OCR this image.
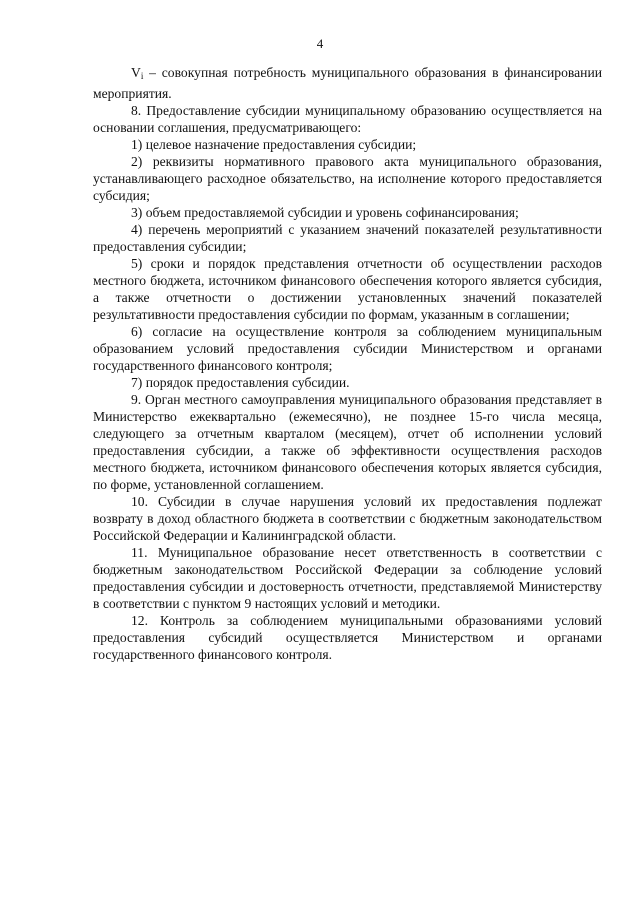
4

$V_i$ – совокупная потребность муниципального образования в финансировании мероприятия.

8. Предоставление субсидии муниципальному образованию осуществляется на основании соглашения, предусматривающего:

1) целевое назначение предоставления субсидии;

2) реквизиты нормативного правового акта муниципального образования, устанавливающего расходное обязательство, на исполнение которого предоставляется субсидия;

3) объем предоставляемой субсидии и уровень софинансирования;

4) перечень мероприятий с указанием значений показателей результативности предоставления субсидии;

5) сроки и порядок представления отчетности об осуществлении расходов местного бюджета, источником финансового обеспечения которого является субсидия, а также отчетности о достижении установленных значений показателей результативности предоставления субсидии по формам, указанным в соглашении;

6) согласие на осуществление контроля за соблюдением муниципальным образованием условий предоставления субсидии Министерством и органами государственного финансового контроля;

7) порядок предоставления субсидии.

9. Орган местного самоуправления муниципального образования представляет в Министерство ежеквартально (ежемесячно), не позднее 15-го числа месяца, следующего за отчетным кварталом (месяцем), отчет об исполнении условий предоставления субсидии, а также об эффективности осуществления расходов местного бюджета, источником финансового обеспечения которых является субсидия, по форме, установленной соглашением.

10. Субсидии в случае нарушения условий их предоставления подлежат возврату в доход областного бюджета в соответствии с бюджетным законодательством Российской Федерации и Калининградской области.

11. Муниципальное образование несет ответственность в соответствии с бюджетным законодательством Российской Федерации за соблюдение условий предоставления субсидии и достоверность отчетности, представляемой Министерству в соответствии с пунктом 9 настоящих условий и методики.

12. Контроль за соблюдением муниципальными образованиями условий предоставления субсидий осуществляется Министерством и органами государственного финансового контроля.
